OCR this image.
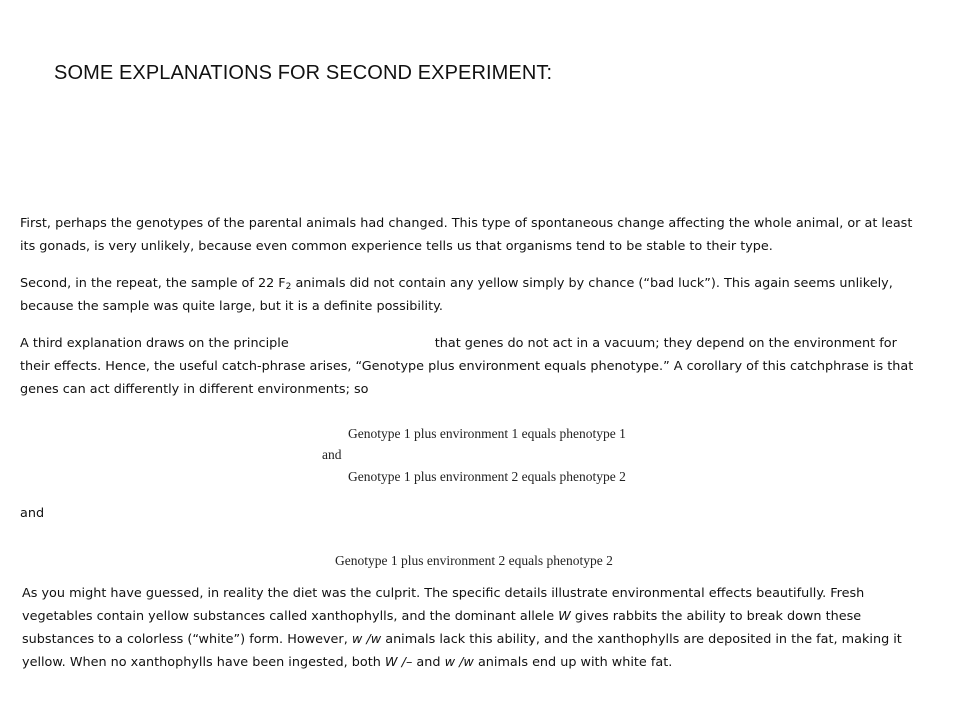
SOME EXPLANATIONS FOR SECOND EXPERIMENT:

First, perhaps the genotypes of the parental animals had changed. This type of spontaneous change affecting the whole animal, or at least its gonads, is very unlikely, because even common experience tells us that organisms tend to be stable to their type.

Second, in the repeat, the sample of 22 $F_2$ animals did not contain any yellow simply by chance (“bad luck”). This again seems unlikely, because the sample was quite large, but it is a definite possibility.

A third explanation draws on the principle	that genes do not act in a vacuum; they depend on the environment for their effects. Hence, the useful catch-phrase arises, “Genotype plus environment equals phenotype.” A corollary of this catchphrase is that genes can act differently in different environments; so

Genotype 1 plus environment 1 equals phenotype 1
and
Genotype 1 plus environment 2 equals phenotype 2

and

Genotype 1 plus environment 2 equals phenotype 2

As you might have guessed, in reality the diet was the culprit. The specific details illustrate environmental effects beautifully. Fresh vegetables contain yellow substances called xanthophylls, and the dominant allele W gives rabbits the ability to break down these substances to a colorless (“white”) form. However, w /w animals lack this ability, and the xanthophylls are deposited in the fat, making it yellow. When no xanthophylls have been ingested, both W /– and w /w animals end up with white fat.
